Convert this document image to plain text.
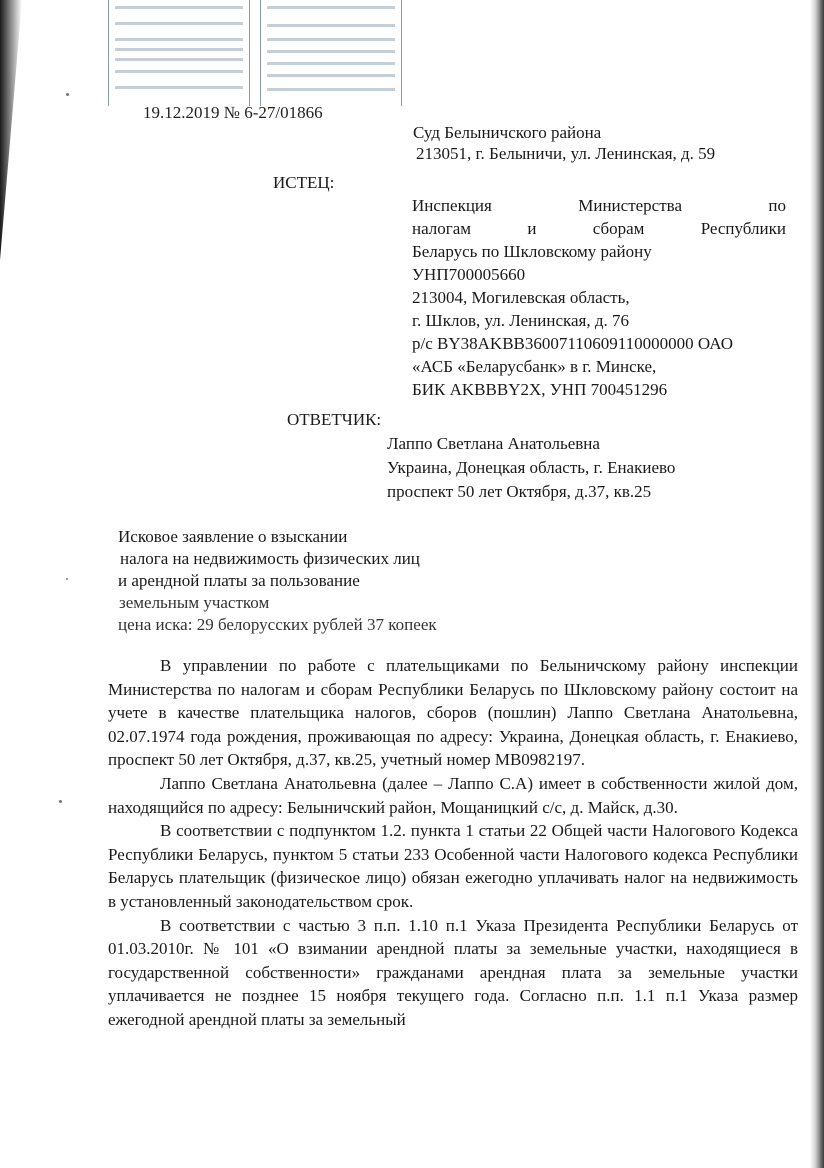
19.12.2019 № 6-27/01866
Суд Белыничского района
213051, г. Белыничи, ул. Ленинская, д. 59
ИСТЕЦ:
Инспекция	Министерства	по
налогам	и	сборам	Республики
Беларусь по Шкловскому району
УНП700005660
213004, Могилевская область,
г. Шклов, ул. Ленинская, д. 76
р/с BY38AKBB36007110609110000000 ОАО
«АСБ «Беларусбанк» в г. Минске,
БИК AKBBBY2X, УНП 700451296
ОТВЕТЧИК:
Лаппо Светлана Анатольевна
Украина, Донецкая область, г. Енакиево
проспект 50 лет Октября, д.37, кв.25
Исковое заявление о взыскании
налога на недвижимость физических лиц
и арендной платы за пользование
земельным участком
цена иска: 29 белорусских рублей 37 копеек

В управлении по работе с плательщиками по Белыничскому району инспекции Министерства по налогам и сборам Республики Беларусь по Шкловскому району состоит на учете в качестве плательщика налогов, сборов (пошлин) Лаппо Светлана Анатольевна, 02.07.1974 года рождения, проживающая по адресу: Украина, Донецкая область, г. Енакиево, проспект 50 лет Октября, д.37, кв.25, учетный номер МВ0982197.

Лаппо Светлана Анатольевна (далее – Лаппо С.А) имеет в собственности жилой дом, находящийся по адресу: Белыничский район, Мощаницкий с/с, д. Майск, д.30.

В соответствии с подпунктом 1.2. пункта 1 статьи 22 Общей части Налогового Кодекса Республики Беларусь, пунктом 5 статьи 233 Особенной части Налогового кодекса Республики Беларусь плательщик (физическое лицо) обязан ежегодно уплачивать налог на недвижимость в установленный законодательством срок.

В соответствии с частью 3 п.п. 1.10 п.1 Указа Президента Республики Беларусь от 01.03.2010г. № 101 «О взимании арендной платы за земельные участки, находящиеся в государственной собственности» гражданами арендная плата за земельные участки уплачивается не позднее 15 ноября текущего года. Согласно п.п. 1.1 п.1 Указа размер ежегодной арендной платы за земельный
